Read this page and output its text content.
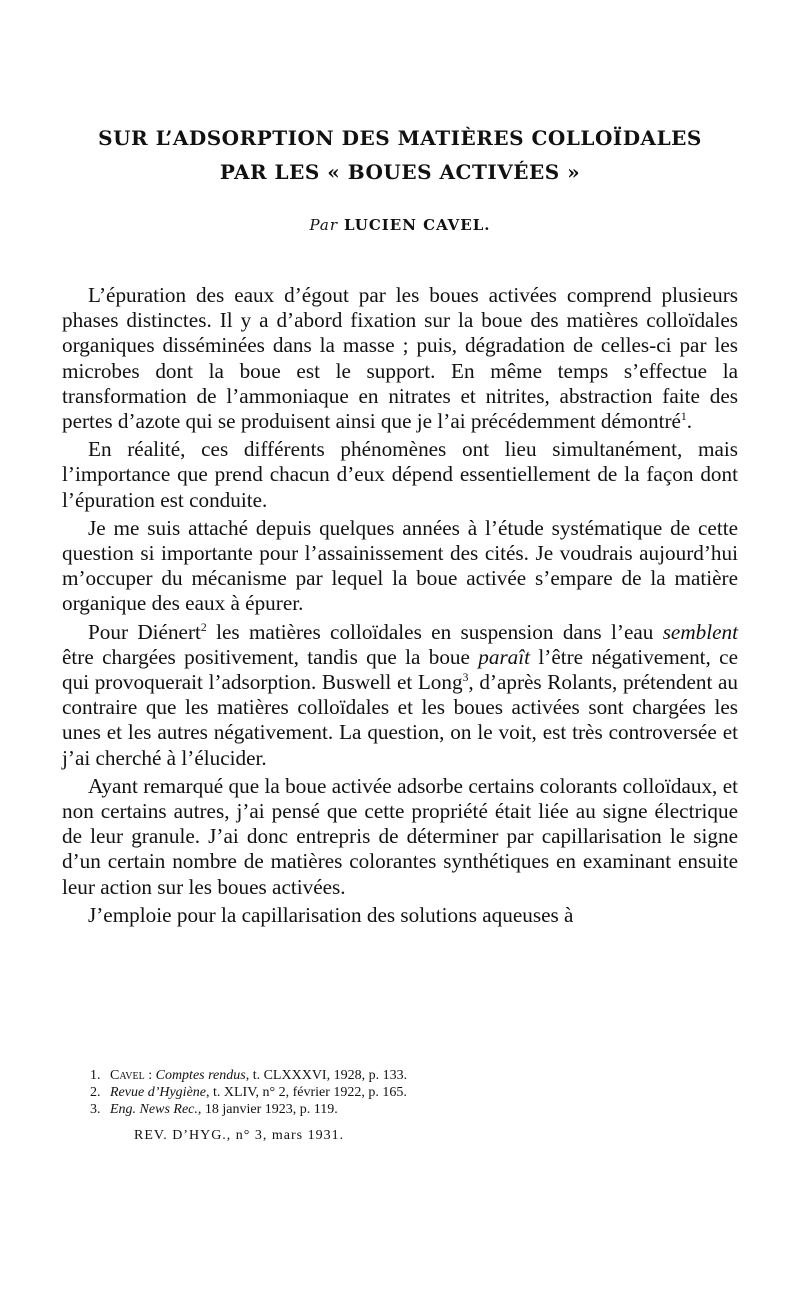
SUR L’ADSORPTION DES MATIÈRES COLLOÏDALES
PAR LES « BOUES ACTIVÉES »
Par LUCIEN CAVEL.

L’épuration des eaux d’égout par les boues activées comprend plusieurs phases distinctes. Il y a d’abord fixation sur la boue des matières colloïdales organiques disséminées dans la masse ; puis, dégradation de celles-ci par les microbes dont la boue est le support. En même temps s’effectue la transformation de l’ammoniaque en nitrates et nitrites, abstraction faite des pertes d’azote qui se produisent ainsi que je l’ai précédemment démontré$^1$.

En réalité, ces différents phénomènes ont lieu simultanément, mais l’importance que prend chacun d’eux dépend essentiellement de la façon dont l’épuration est conduite.

Je me suis attaché depuis quelques années à l’étude systématique de cette question si importante pour l’assainissement des cités. Je voudrais aujourd’hui m’occuper du mécanisme par lequel la boue activée s’empare de la matière organique des eaux à épurer.

Pour Diénert$^2$ les matières colloïdales en suspension dans l’eau semblent être chargées positivement, tandis que la boue paraît l’être négativement, ce qui provoquerait l’adsorption. Buswell et Long$^3$, d’après Rolants, prétendent au contraire que les matières colloïdales et les boues activées sont chargées les unes et les autres négativement. La question, on le voit, est très controversée et j’ai cherché à l’élucider.

Ayant remarqué que la boue activée adsorbe certains colorants colloïdaux, et non certains autres, j’ai pensé que cette propriété était liée au signe électrique de leur granule. J’ai donc entrepris de déterminer par capillarisation le signe d’un certain nombre de matières colorantes synthétiques en examinant ensuite leur action sur les boues activées.

J’emploie pour la capillarisation des solutions aqueuses à

1. Cavel : Comptes rendus, t. CLXXXVI, 1928, p. 133.
2. Revue d’Hygiène, t. XLIV, n° 2, février 1922, p. 165.
3. Eng. News Rec., 18 janvier 1923, p. 119.
REV. D’HYG., n° 3, mars 1931.
